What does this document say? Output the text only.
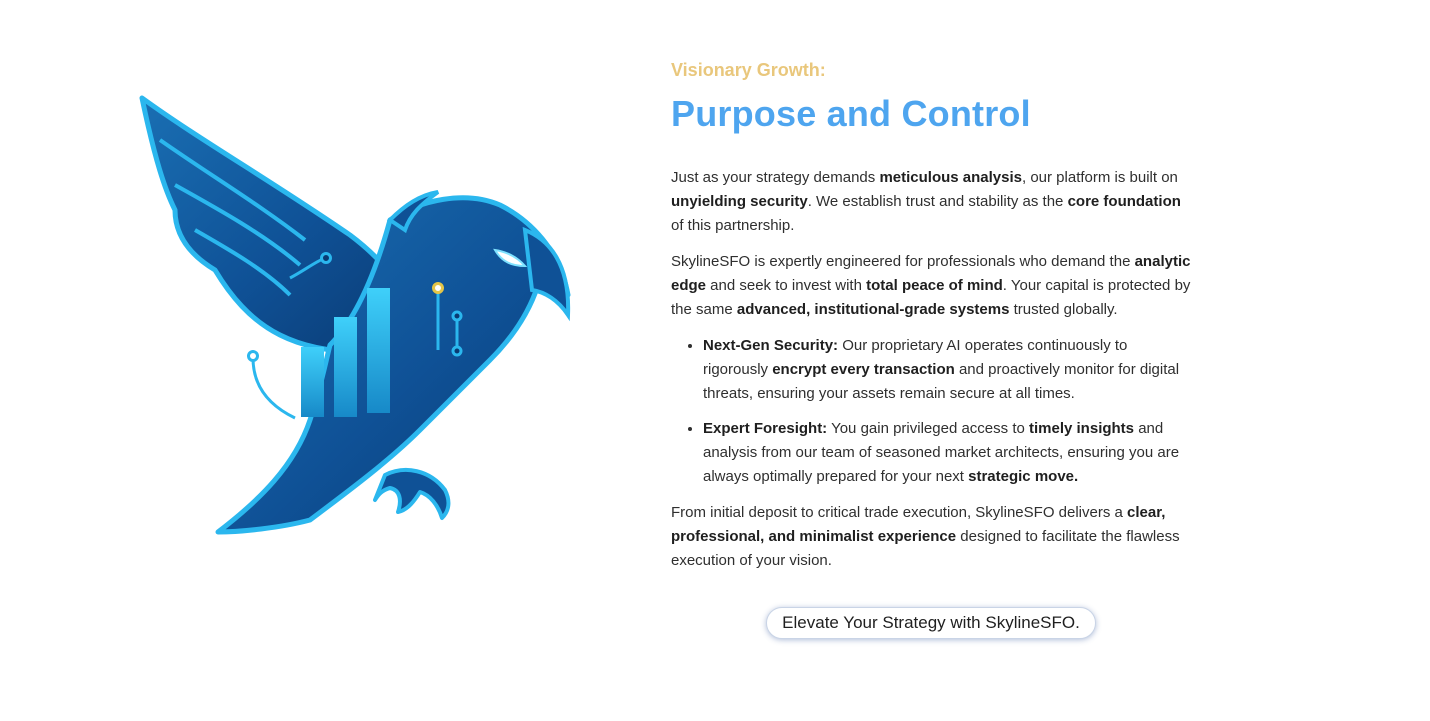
Visionary Growth:

Purpose and Control

Just as your strategy demands meticulous analysis, our platform is built on unyielding security. We establish trust and stability as the core foundation of this partnership.

SkylineSFO is expertly engineered for professionals who demand the analytic edge and seek to invest with total peace of mind. Your capital is protected by the same advanced, institutional-grade systems trusted globally.

• Next-Gen Security: Our proprietary AI operates continuously to rigorously encrypt every transaction and proactively monitor for digital threats, ensuring your assets remain secure at all times.
• Expert Foresight: You gain privileged access to timely insights and analysis from our team of seasoned market architects, ensuring you are always optimally prepared for your next strategic move.

From initial deposit to critical trade execution, SkylineSFO delivers a clear, professional, and minimalist experience designed to facilitate the flawless execution of your vision.

Elevate Your Strategy with SkylineSFO.
